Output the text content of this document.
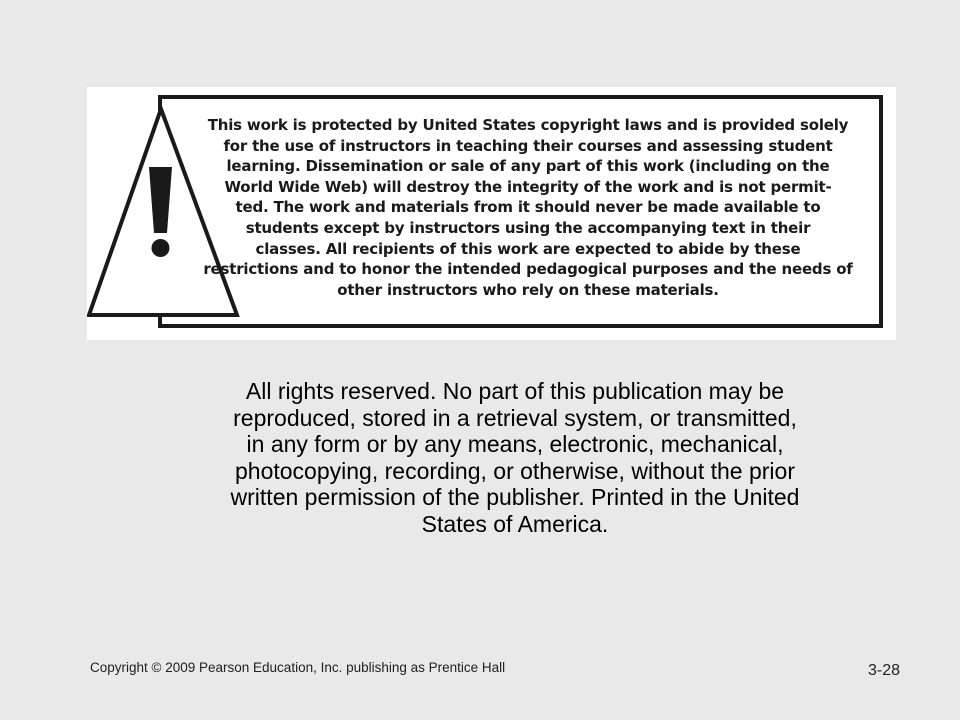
This work is protected by United States copyright laws and is provided solely
for the use of instructors in teaching their courses and assessing student
learning. Dissemination or sale of any part of this work (including on the
World Wide Web) will destroy the integrity of the work and is not permit-
ted. The work and materials from it should never be made available to
students except by instructors using the accompanying text in their
classes. All recipients of this work are expected to abide by these
restrictions and to honor the intended pedagogical purposes and the needs of
other instructors who rely on these materials.

All rights reserved. No part of this publication may be
reproduced, stored in a retrieval system, or transmitted,
in any form or by any means, electronic, mechanical,
photocopying, recording, or otherwise, without the prior
written permission of the publisher. Printed in the United
States of America.

Copyright © 2009 Pearson Education, Inc. publishing as Prentice Hall	3-28
